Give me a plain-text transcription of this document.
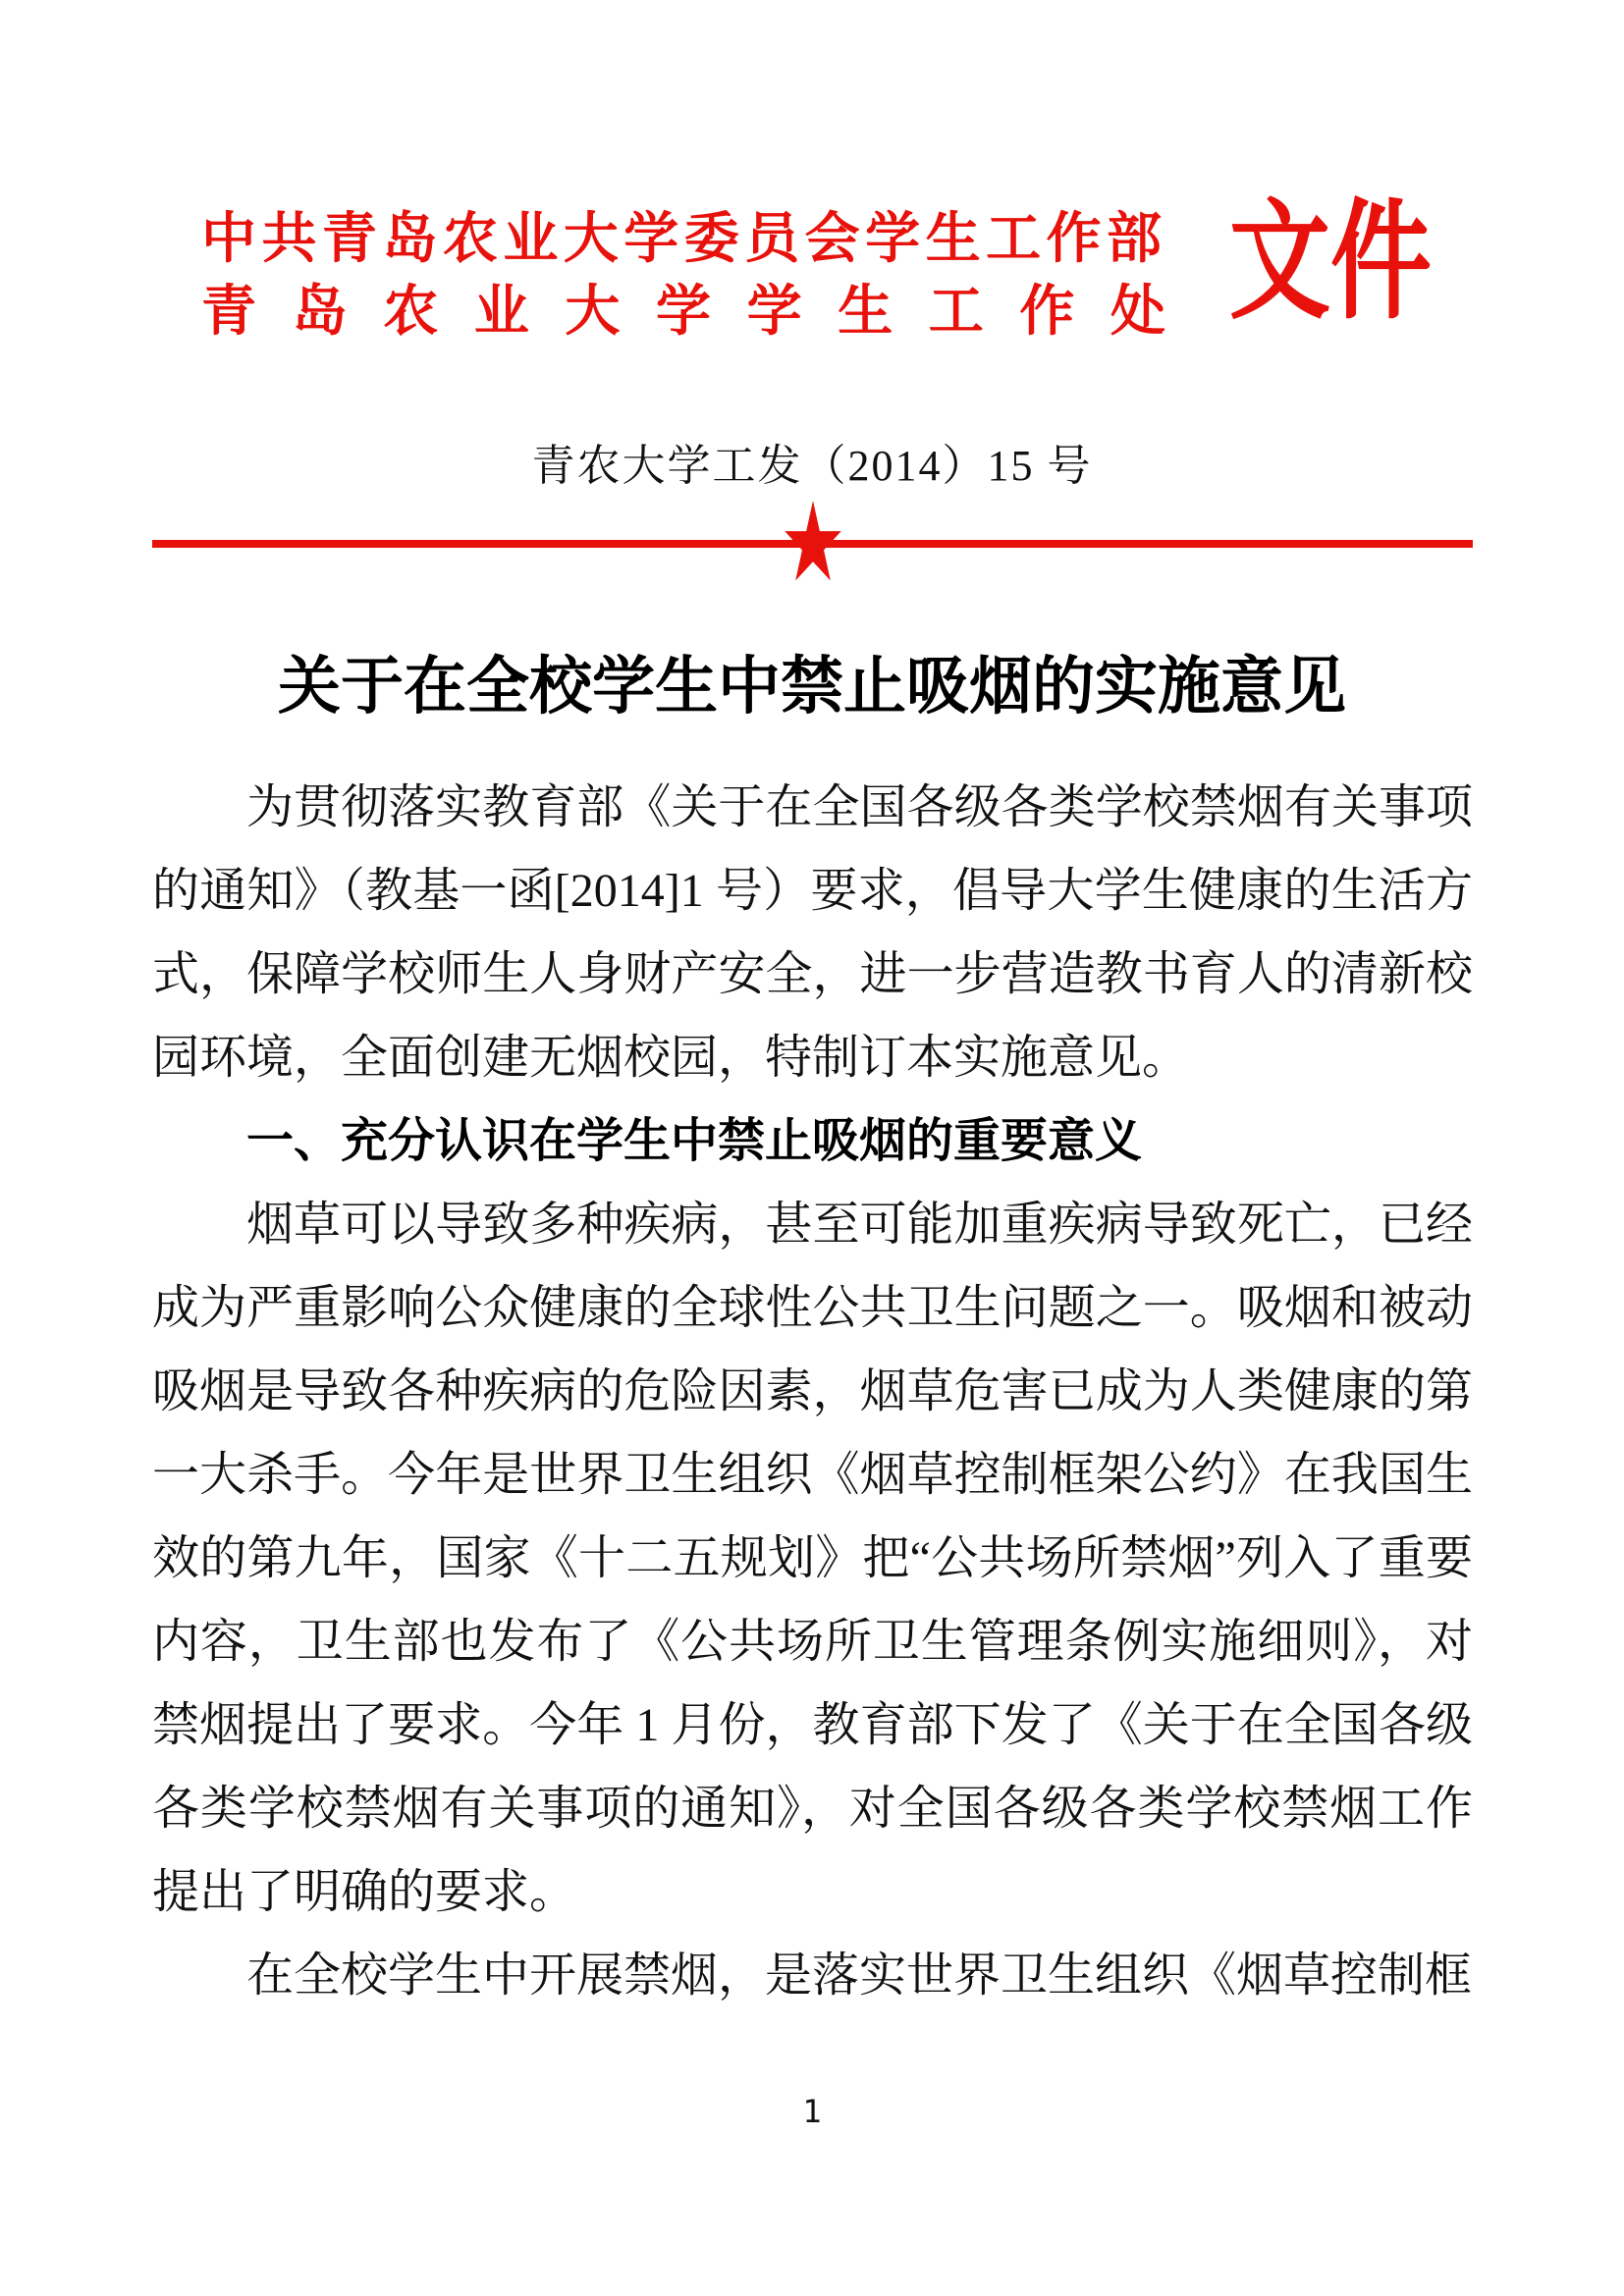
中共青岛农业大学委员会学生工作部
青 岛 农 业 大 学 学 生 工 作 处 文件
青农大学工发（2014）15 号
★
关于在全校学生中禁止吸烟的实施意见

为贯彻落实教育部《关于在全国各级各类学校禁烟有关事项的通知》（教基一函[2014]1 号）要求，倡导大学生健康的生活方式，保障学校师生人身财产安全，进一步营造教书育人的清新校园环境，全面创建无烟校园，特制订本实施意见。

一、充分认识在学生中禁止吸烟的重要意义

烟草可以导致多种疾病，甚至可能加重疾病导致死亡，已经成为严重影响公众健康的全球性公共卫生问题之一。吸烟和被动吸烟是导致各种疾病的危险因素，烟草危害已成为人类健康的第一大杀手。今年是世界卫生组织《烟草控制框架公约》在我国生效的第九年，国家《十二五规划》把“公共场所禁烟”列入了重要内容，卫生部也发布了《公共场所卫生管理条例实施细则》，对禁烟提出了要求。今年 1 月份，教育部下发了《关于在全国各级各类学校禁烟有关事项的通知》，对全国各级各类学校禁烟工作提出了明确的要求。

在全校学生中开展禁烟，是落实世界卫生组织《烟草控制框

1
